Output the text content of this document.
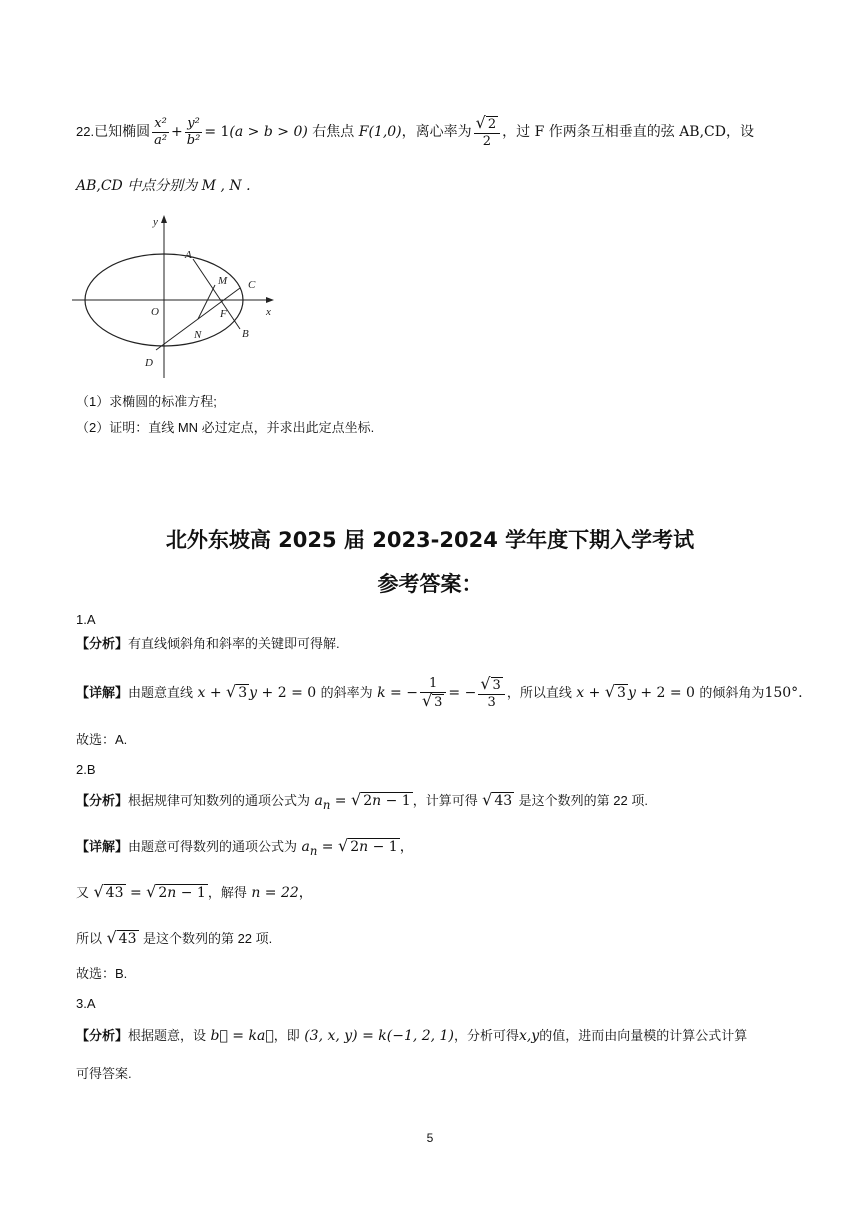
22.已知椭圆 $\frac{\text{x²}}{\text{a²}} + \frac{\text{y²}}{\text{b²}} = 1(a > b > 0)$ 右焦点 F(1,0)，离心率为 $\frac{√ 2}{2}$ ，过 F 作两条互相垂直的弦 AB,CD，设
AB,CD 中点分别为 M , N .
y
x
O
A
M C
F
N	B
D
（1）求椭圆的标准方程;
（2）证明：直线 MN 必过定点，并求出此定点坐标.
北外东坡高 2025 届 2023-2024 学年度下期入学考试
参考答案：
1.A
【分析】有直线倾斜角和斜率的关键即可得解.
【详解】由题意直线 x + √ 3 y + 2 = 0 的斜率为 k = − $\frac{1}{√ 3}$ = − $\frac{√ 3}{3}$ ，所以直线 x + √ 3 y + 2 = 0 的倾斜角为150°.
故选：A.
2.B
【分析】根据规律可知数列的通项公式为 $a_n$ = √ 2n − 1 ，计算可得 √ 43 是这个数列的第 22 项.
【详解】由题意可得数列的通项公式为 $a_n$ = √ 2n − 1 ，
又 √ 43 = √ 2n − 1 ，解得 n = 22，
所以 √ 43 是这个数列的第 22 项.
故选：B.
3.A
【分析】根据题意，设 b⃗ = ka⃗，即 (3, x, y) = k(−1, 2, 1)，分析可得x,y的值，进而由向量模的计算公式计算
可得答案.
5
